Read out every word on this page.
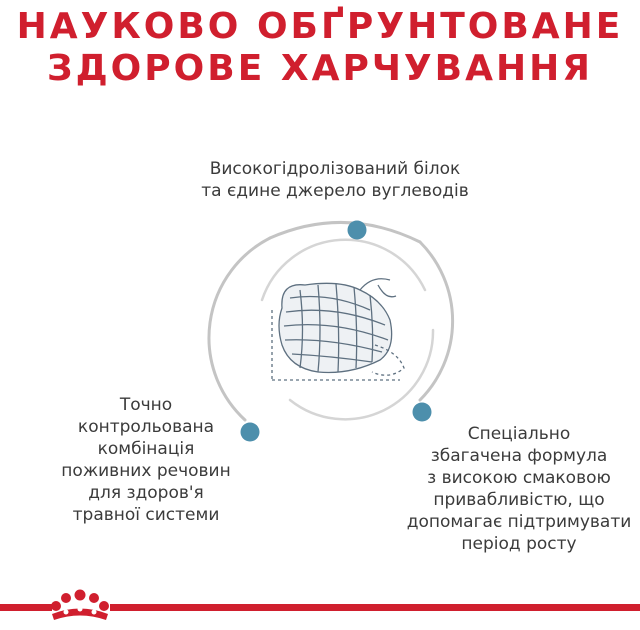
НАУКОВО ОБҐРУНТОВАНЕ
ЗДОРОВЕ ХАРЧУВАННЯ
Високогідролізований білок
та єдине джерело вуглеводів
Точно
контрольована
комбінація
поживних речовин
для здоров'я
травної системи
Спеціально
збагачена формула
з високою смаковою
привабливістю, що
допомагає підтримувати
період росту
